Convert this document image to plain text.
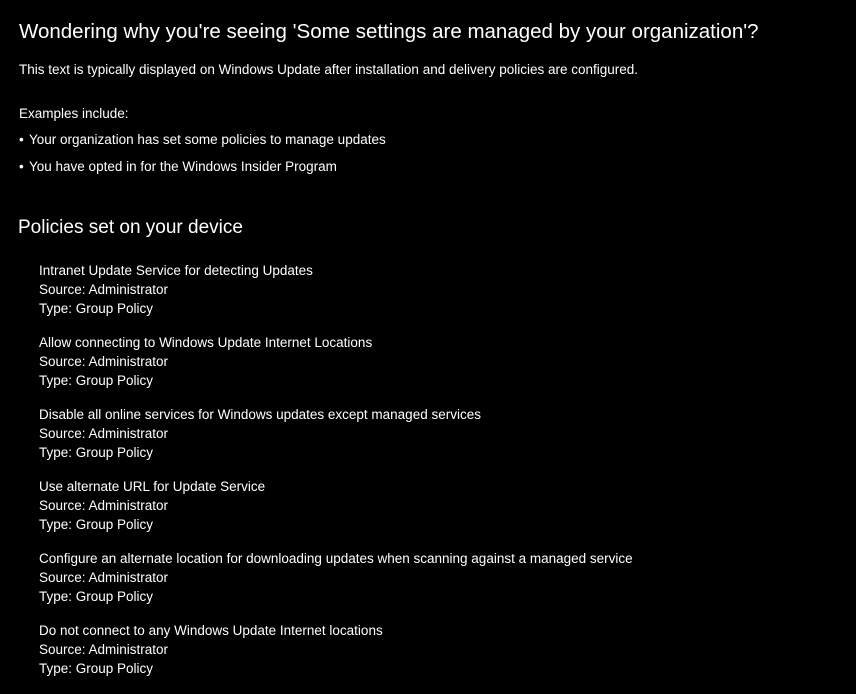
Wondering why you're seeing 'Some settings are managed by your organization'?

This text is typically displayed on Windows Update after installation and delivery policies are configured.

Examples include:

• Your organization has set some policies to manage updates
• You have opted in for the Windows Insider Program
Policies set on your device
Intranet Update Service for detecting Updates
Source: Administrator
Type: Group Policy
Allow connecting to Windows Update Internet Locations
Source: Administrator
Type: Group Policy
Disable all online services for Windows updates except managed services
Source: Administrator
Type: Group Policy
Use alternate URL for Update Service
Source: Administrator
Type: Group Policy
Configure an alternate location for downloading updates when scanning against a managed service
Source: Administrator
Type: Group Policy
Do not connect to any Windows Update Internet locations
Source: Administrator
Type: Group Policy
